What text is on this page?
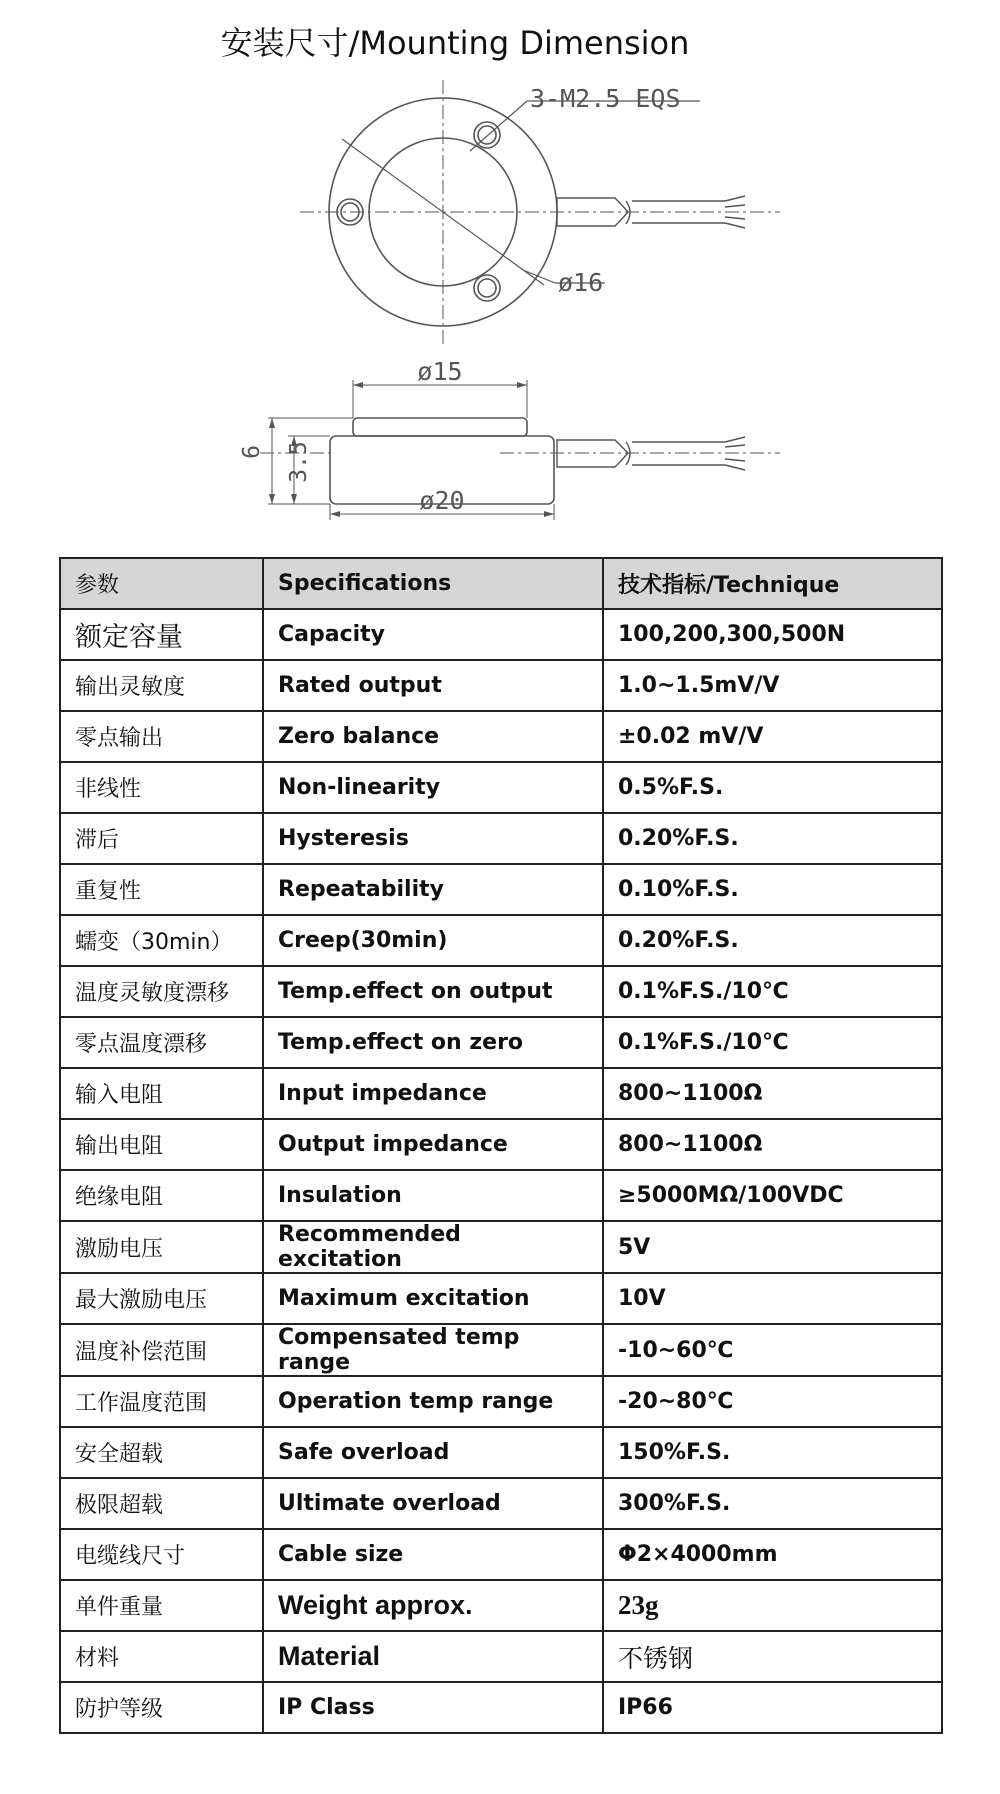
安装尺寸/Mounting Dimension
3-M2.5 EQS
ø16
ø15
ø20
6 3.5
参数	Specifications	技术指标/Technique
额定容量	Capacity	100,200,300,500N
输出灵敏度	Rated output	1.0~1.5mV/V
零点输出	Zero balance	±0.02 mV/V
非线性	Non-linearity	0.5%F.S.
滞后	Hysteresis	0.20%F.S.
重复性	Repeatability	0.10%F.S.
蠕变（30min）	Creep(30min)	0.20%F.S.
温度灵敏度漂移	Temp.effect on output	0.1%F.S./10℃
零点温度漂移	Temp.effect on zero	0.1%F.S./10℃
输入电阻	Input impedance	800~1100Ω
输出电阻	Output impedance	800~1100Ω
绝缘电阻	Insulation	≥5000MΩ/100VDC
激励电压	Recommended excitation	5V
最大激励电压	Maximum excitation	10V
温度补偿范围	Compensated temp range	-10~60℃
工作温度范围	Operation temp range	-20~80℃
安全超载	Safe overload	150%F.S.
极限超载	Ultimate overload	300%F.S.
电缆线尺寸	Cable size	Φ2×4000mm
单件重量	Weight approx.	23g
材料	Material	不锈钢
防护等级	IP Class	IP66
